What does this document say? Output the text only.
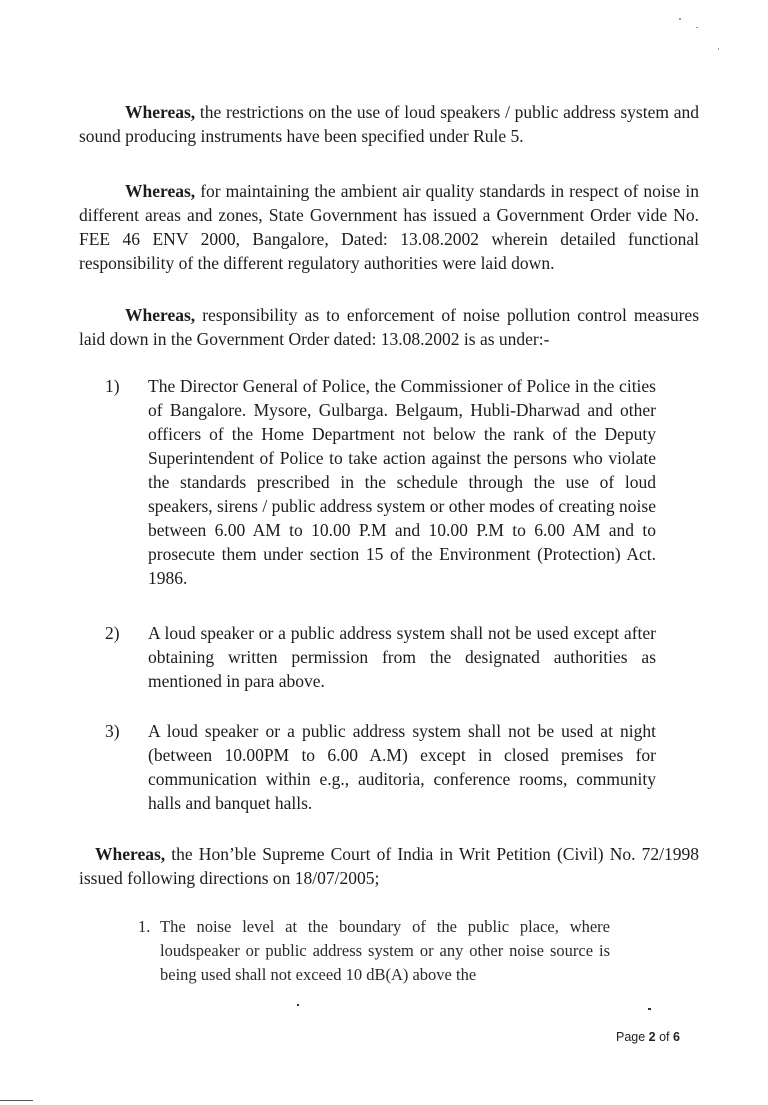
Whereas, the restrictions on the use of loud speakers / public address system and sound producing instruments have been specified under Rule 5.

Whereas, for maintaining the ambient air quality standards in respect of noise in different areas and zones, State Government has issued a Government Order vide No. FEE 46 ENV 2000, Bangalore, Dated: 13.08.2002 wherein detailed functional responsibility of the different regulatory authorities were laid down.

Whereas, responsibility as to enforcement of noise pollution control measures laid down in the Government Order dated: 13.08.2002 is as under:-

1)	The Director General of Police, the Commissioner of Police in the cities of Bangalore. Mysore, Gulbarga. Belgaum, Hubli-Dharwad and other officers of the Home Department not below the rank of the Deputy Superintendent of Police to take action against the persons who violate the standards prescribed in the schedule through the use of loud speakers, sirens / public address system or other modes of creating noise between 6.00 AM to 10.00 P.M and 10.00 P.M to 6.00 AM and to prosecute them under section 15 of the Environment (Protection) Act. 1986.
2)	A loud speaker or a public address system shall not be used except after obtaining written permission from the designated authorities as mentioned in para above.
3)	A loud speaker or a public address system shall not be used at night (between 10.00PM to 6.00 A.M) except in closed premises for communication within e.g., auditoria, conference rooms, community halls and banquet halls.

Whereas, the Hon’ble Supreme Court of India in Writ Petition (Civil) No. 72/1998 issued following directions on 18/07/2005;

1. The noise level at the boundary of the public place, where loudspeaker or public address system or any other noise source is being used shall not exceed 10 dB(A) above the
Page 2 of 6
